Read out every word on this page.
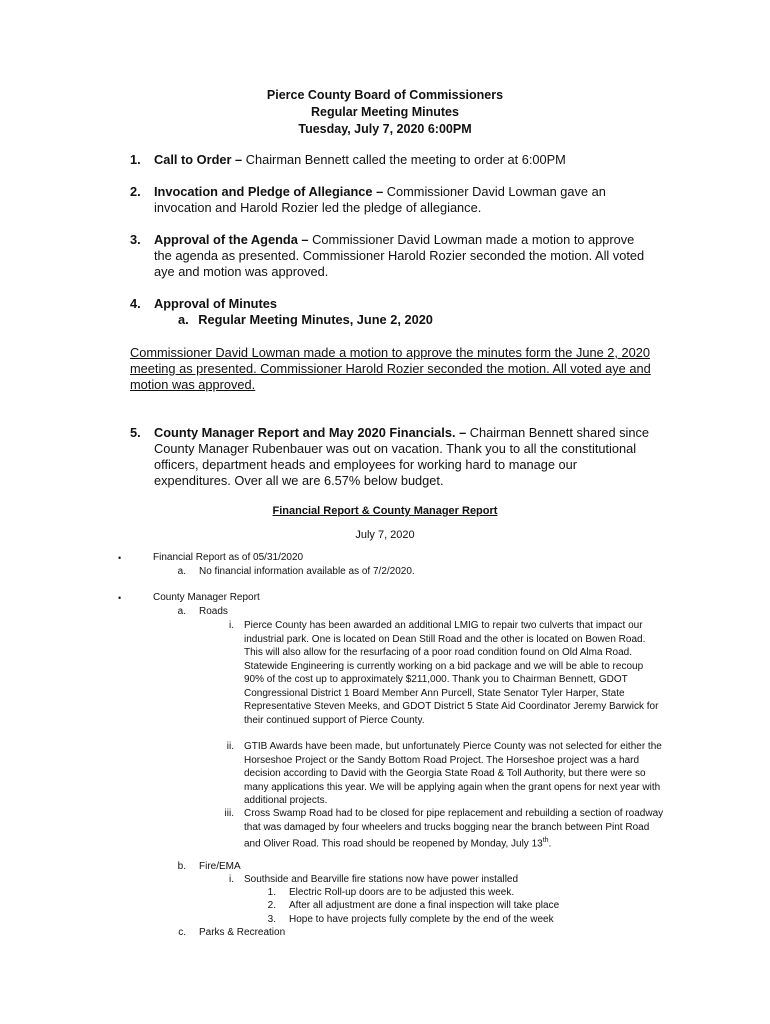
Pierce County Board of Commissioners
Regular Meeting Minutes
Tuesday, July 7, 2020 6:00PM
1. Call to Order – Chairman Bennett called the meeting to order at 6:00PM
2. Invocation and Pledge of Allegiance – Commissioner David Lowman gave an invocation and Harold Rozier led the pledge of allegiance.
3. Approval of the Agenda – Commissioner David Lowman made a motion to approve the agenda as presented. Commissioner Harold Rozier seconded the motion. All voted aye and motion was approved.
4. Approval of Minutes
a. Regular Meeting Minutes, June 2, 2020
Commissioner David Lowman made a motion to approve the minutes form the June 2, 2020 meeting as presented. Commissioner Harold Rozier seconded the motion. All voted aye and motion was approved.
5. County Manager Report and May 2020 Financials. – Chairman Bennett shared since County Manager Rubenbauer was out on vacation. Thank you to all the constitutional officers, department heads and employees for working hard to manage our expenditures. Over all we are 6.57% below budget.
Financial Report & County Manager Report
July 7, 2020
•	Financial Report as of 05/31/2020
a. No financial information available as of 7/2/2020.
•	County Manager Report
a. Roads
i. Pierce County has been awarded an additional LMIG to repair two culverts that impact our industrial park. One is located on Dean Still Road and the other is located on Bowen Road. This will also allow for the resurfacing of a poor road condition found on Old Alma Road. Statewide Engineering is currently working on a bid package and we will be able to recoup 90% of the cost up to approximately $211,000. Thank you to Chairman Bennett, GDOT Congressional District 1 Board Member Ann Purcell, State Senator Tyler Harper, State Representative Steven Meeks, and GDOT District 5 State Aid Coordinator Jeremy Barwick for their continued support of Pierce County.
ii. GTIB Awards have been made, but unfortunately Pierce County was not selected for either the Horseshoe Project or the Sandy Bottom Road Project. The Horseshoe project was a hard decision according to David with the Georgia State Road & Toll Authority, but there were so many applications this year. We will be applying again when the grant opens for next year with additional projects.
iii. Cross Swamp Road had to be closed for pipe replacement and rebuilding a section of roadway that was damaged by four wheelers and trucks bogging near the branch between Pint Road and Oliver Road. This road should be reopened by Monday, July 13th.
b. Fire/EMA
i. Southside and Bearville fire stations now have power installed
1. Electric Roll-up doors are to be adjusted this week.
2. After all adjustment are done a final inspection will take place
3. Hope to have projects fully complete by the end of the week
c. Parks & Recreation
